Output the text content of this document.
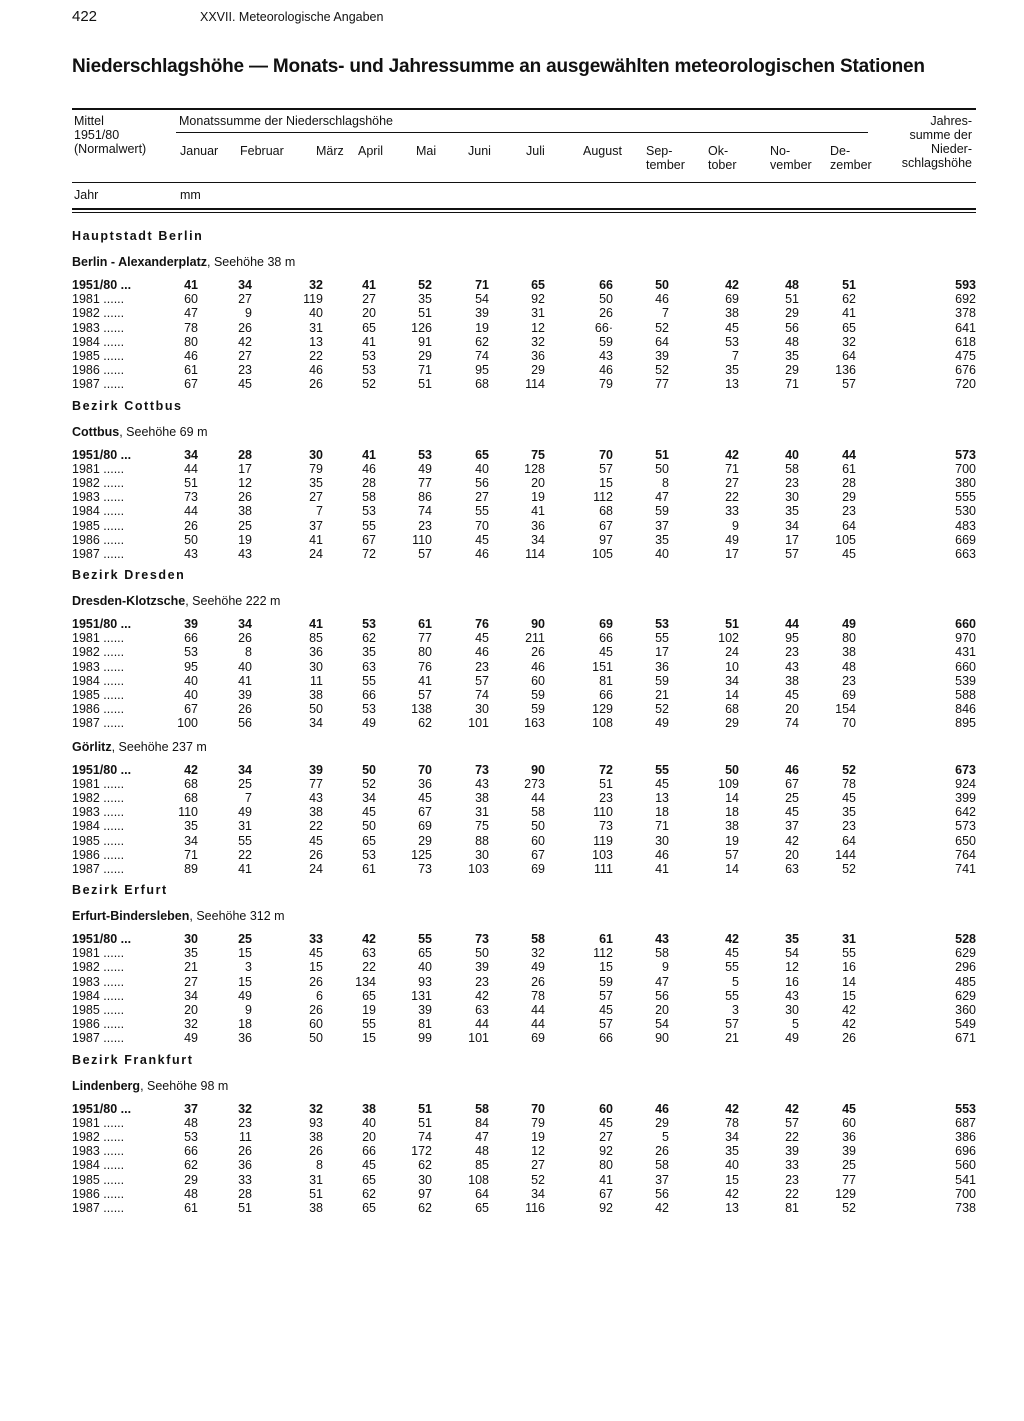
422	XXVII. Meteorologische Angaben
Niederschlagshöhe — Monats- und Jahressumme an ausgewählten meteorologischen Stationen
Mittel
1951/80
(Normalwert)
Monatssumme der Niederschlagshöhe	Jahres-
summe der
Nieder-
schlagshöhe
Januar Februar	März April	Mai	Juni	Juli	August Sep-
tember
Ok-
tober
No-
vember
De-
zember
Jahr	mm
Hauptstadt Berlin
Berlin - Alexanderplatz, Seehöhe 38 m
1951/80 ...	41	34	32	41	52	71	65	66	50	42	48	51	593
1981 ......	60	27	119	27	35	54	92	50	46	69	51	62	692
1982 ......	47	9	40	20	51	39	31	26	7	38	29	41	378
1983 ......	78	26	31	65	126	19	12	66·	52	45	56	65	641
1984 ......	80	42	13	41	91	62	32	59	64	53	48	32	618
1985 ......	46	27	22	53	29	74	36	43	39	7	35	64	475
1986 ......	61	23	46	53	71	95	29	46	52	35	29	136	676
1987 ......	67	45	26	52	51	68	114	79	77	13	71	57	720
Bezirk Cottbus
Cottbus, Seehöhe 69 m
1951/80 ...	34	28	30	41	53	65	75	70	51	42	40	44	573
1981 ......	44	17	79	46	49	40	128	57	50	71	58	61	700
1982 ......	51	12	35	28	77	56	20	15	8	27	23	28	380
1983 ......	73	26	27	58	86	27	19	112	47	22	30	29	555
1984 ......	44	38	7	53	74	55	41	68	59	33	35	23	530
1985 ......	26	25	37	55	23	70	36	67	37	9	34	64	483
1986 ......	50	19	41	67	110	45	34	97	35	49	17	105	669
1987 ......	43	43	24	72	57	46	114	105	40	17	57	45	663
Bezirk Dresden
Dresden-Klotzsche, Seehöhe 222 m
1951/80 ...	39	34	41	53	61	76	90	69	53	51	44	49	660
1981 ......	66	26	85	62	77	45	211	66	55	102	95	80	970
1982 ......	53	8	36	35	80	46	26	45	17	24	23	38	431
1983 ......	95	40	30	63	76	23	46	151	36	10	43	48	660
1984 ......	40	41	11	55	41	57	60	81	59	34	38	23	539
1985 ......	40	39	38	66	57	74	59	66	21	14	45	69	588
1986 ......	67	26	50	53	138	30	59	129	52	68	20	154	846
1987 ......	100	56	34	49	62	101	163	108	49	29	74	70	895
Görlitz, Seehöhe 237 m
1951/80 ...	42	34	39	50	70	73	90	72	55	50	46	52	673
1981 ......	68	25	77	52	36	43	273	51	45	109	67	78	924
1982 ......	68	7	43	34	45	38	44	23	13	14	25	45	399
1983 ......	110	49	38	45	67	31	58	110	18	18	45	35	642
1984 ......	35	31	22	50	69	75	50	73	71	38	37	23	573
1985 ......	34	55	45	65	29	88	60	119	30	19	42	64	650
1986 ......	71	22	26	53	125	30	67	103	46	57	20	144	764
1987 ......	89	41	24	61	73	103	69	111	41	14	63	52	741
Bezirk Erfurt
Erfurt-Bindersleben, Seehöhe 312 m
1951/80 ...	30	25	33	42	55	73	58	61	43	42	35	31	528
1981 ......	35	15	45	63	65	50	32	112	58	45	54	55	629
1982 ......	21	3	15	22	40	39	49	15	9	55	12	16	296
1983 ......	27	15	26	134	93	23	26	59	47	5	16	14	485
1984 ......	34	49	6	65	131	42	78	57	56	55	43	15	629
1985 ......	20	9	26	19	39	63	44	45	20	3	30	42	360
1986 ......	32	18	60	55	81	44	44	57	54	57	5	42	549
1987 ......	49	36	50	15	99	101	69	66	90	21	49	26	671
Bezirk Frankfurt
Lindenberg, Seehöhe 98 m
1951/80 ...	37	32	32	38	51	58	70	60	46	42	42	45	553
1981 ......	48	23	93	40	51	84	79	45	29	78	57	60	687
1982 ......	53	11	38	20	74	47	19	27	5	34	22	36	386
1983 ......	66	26	26	66	172	48	12	92	26	35	39	39	696
1984 ......	62	36	8	45	62	85	27	80	58	40	33	25	560
1985 ......	29	33	31	65	30	108	52	41	37	15	23	77	541
1986 ......	48	28	51	62	97	64	34	67	56	42	22	129	700
1987 ......	61	51	38	65	62	65	116	92	42	13	81	52	738
